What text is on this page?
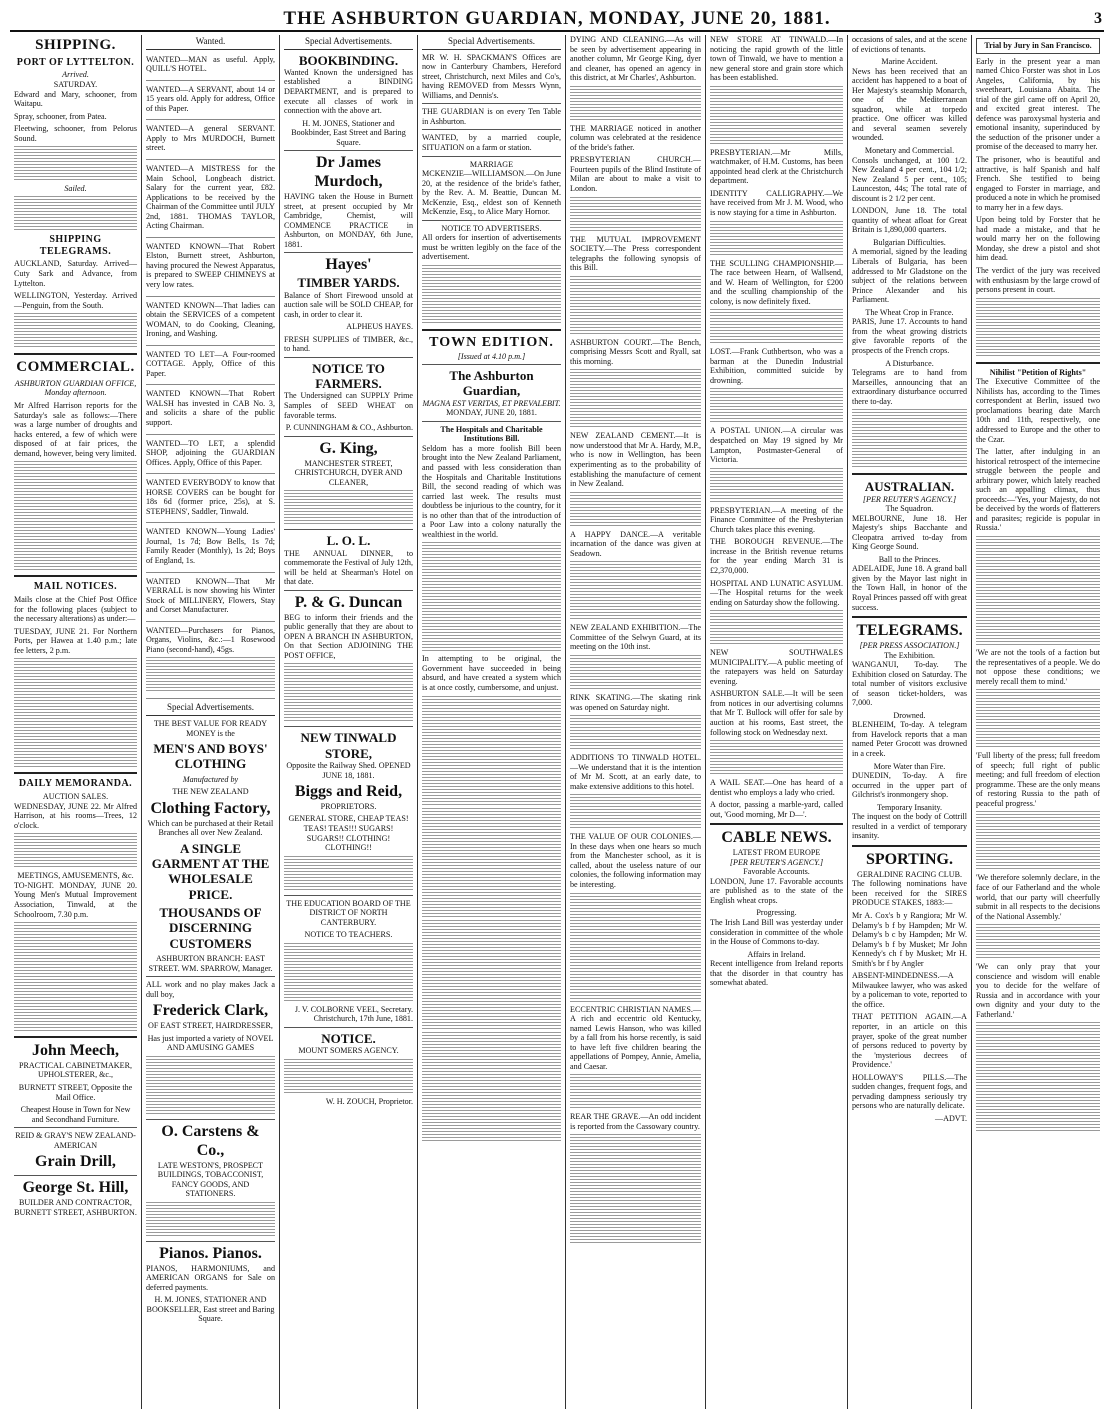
THE ASHBURTON GUARDIAN, MONDAY, JUNE 20, 1881.	3
SHIPPING.
PORT OF LYTTELTON.
Arrived.
SATURDAY.

Edward and Mary, schooner, from Waitapu.

Spray, schooner, from Patea.

Fleetwing, schooner, from Pelorus Sound.

Sailed.
SHIPPING TELEGRAMS.

AUCKLAND, Saturday. Arrived—Cuty Sark and Advance, from Lyttelton.

WELLINGTON, Yesterday. Arrived—Penguin, from the South.

COMMERCIAL.

ASHBURTON GUARDIAN OFFICE, Monday afternoon.

Mr Alfred Harrison reports for the Saturday's sale as follows:—There was a large number of droughts and hacks entered, a few of which were disposed of at fair prices, the demand, however, being very limited.

MAIL NOTICES.

Mails close at the Chief Post Office for the following places (subject to the necessary alterations) as under:—

TUESDAY, JUNE 21. For Northern Ports, per Hawea at 1.40 p.m.; late fee letters, 2 p.m.

DAILY MEMORANDA.
AUCTION SALES.

WEDNESDAY, JUNE 22. Mr Alfred Harrison, at his rooms—Trees, 12 o'clock.

MEETINGS, AMUSEMENTS, &c.

TO-NIGHT. MONDAY, JUNE 20. Young Men's Mutual Improvement Association, Tinwald, at the Schoolroom, 7.30 p.m.

John Meech,

PRACTICAL CABINETMAKER, UPHOLSTERER, &c.,

BURNETT STREET, Opposite the Mail Office.

Cheapest House in Town for New and Secondhand Furniture.

REID & GRAY'S NEW ZEALAND-AMERICAN

Grain Drill,
George St. Hill,

BUILDER AND CONTRACTOR, BURNETT STREET, ASHBURTON.

Wanted.

WANTED—MAN as useful. Apply, QUILL'S HOTEL.

WANTED—A SERVANT, about 14 or 15 years old. Apply for address, Office of this Paper.

WANTED—A general SERVANT. Apply to Mrs MURDOCH, Burnett street.

WANTED—A MISTRESS for the Main School, Longbeach district. Salary for the current year, £82. Applications to be received by the Chairman of the Committee until JULY 2nd, 1881. THOMAS TAYLOR, Acting Chairman.

WANTED KNOWN—That Robert Elston, Burnett street, Ashburton, having procured the Newest Apparatus, is prepared to SWEEP CHIMNEYS at very low rates.

WANTED KNOWN—That ladies can obtain the SERVICES of a competent WOMAN, to do Cooking, Cleaning, Ironing, and Washing.

WANTED TO LET—A Four-roomed COTTAGE. Apply, Office of this Paper.

WANTED KNOWN—That Robert WALSH has invested in CAB No. 3, and solicits a share of the public support.

WANTED—TO LET, a splendid SHOP, adjoining the GUARDIAN Offices. Apply, Office of this Paper.

WANTED EVERYBODY to know that HORSE COVERS can be bought for 18s 6d (former price, 25s), at S. STEPHENS', Saddler, Tinwald.

WANTED KNOWN—Young Ladies' Journal, 1s 7d; Bow Bells, 1s 7d; Family Reader (Monthly), 1s 2d; Boys of England, 1s.

WANTED KNOWN—That Mr VERRALL is now showing his Winter Stock of MILLINERY, Flowers, Stay and Corset Manufacturer.

WANTED—Purchasers for Pianos, Organs, Violins, &c.:—1 Rosewood Piano (second-hand), 45gs.

Special Advertisements.

THE BEST VALUE FOR READY MONEY is the

MEN'S AND BOYS' CLOTHING

Manufactured by

THE NEW ZEALAND

Clothing Factory,

Which can be purchased at their Retail Branches all over New Zealand.

A SINGLE GARMENT AT THE WHOLESALE PRICE.

THOUSANDS OF DISCERNING CUSTOMERS

ASHBURTON BRANCH: EAST STREET. WM. SPARROW, Manager.

ALL work and no play makes Jack a dull boy,

Frederick Clark,

OF EAST STREET, HAIRDRESSER,

Has just imported a variety of NOVEL AND AMUSING GAMES

O. Carstens & Co.,

LATE WESTON'S, PROSPECT BUILDINGS, TOBACCONIST, FANCY GOODS, AND STATIONERS.

Pianos. Pianos.

PIANOS, HARMONIUMS, and AMERICAN ORGANS for Sale on deferred payments.

H. M. JONES, STATIONER AND BOOKSELLER, East street and Baring Square.

Special Advertisements.
BOOKBINDING.

Wanted Known the undersigned has established a BINDING DEPARTMENT, and is prepared to execute all classes of work in connection with the above art.

H. M. JONES, Stationer and Bookbinder, East Street and Baring Square.

Dr James Murdoch,

HAVING taken the House in Burnett street, at present occupied by Mr Cambridge, Chemist, will COMMENCE PRACTICE in Ashburton, on MONDAY, 6th June, 1881.

Hayes'
TIMBER YARDS.

Balance of Short Firewood unsold at auction sale will be SOLD CHEAP, for cash, in order to clear it.

ALPHEUS HAYES.

FRESH SUPPLIES of TIMBER, &c., to hand.

NOTICE TO FARMERS.

The Undersigned can SUPPLY Prime Samples of SEED WHEAT on favorable terms.

P. CUNNINGHAM & CO., Ashburton.

G. King,

MANCHESTER STREET, CHRISTCHURCH, DYER AND CLEANER,

L. O. L.

THE ANNUAL DINNER, to commemorate the Festival of July 12th, will be held at Shearman's Hotel on that date.

P. & G. Duncan

BEG to inform their friends and the public generally that they are about to OPEN A BRANCH IN ASHBURTON, On that Section ADJOINING THE POST OFFICE,

NEW TINWALD STORE,

Opposite the Railway Shed. OPENED JUNE 18, 1881.

Biggs and Reid,

PROPRIETORS.

GENERAL STORE, CHEAP TEAS! TEAS! TEAS!!! SUGARS! SUGARS!! CLOTHING! CLOTHING!!

THE EDUCATION BOARD OF THE DISTRICT OF NORTH CANTERBURY.

NOTICE TO TEACHERS.

J. V. COLBORNE VEEL, Secretary. Christchurch, 17th June, 1881.

NOTICE.

MOUNT SOMERS AGENCY.

W. H. ZOUCH, Proprietor.

Special Advertisements.

MR W. H. SPACKMAN'S Offices are now in Canterbury Chambers, Hereford street, Christchurch, next Miles and Co's, having REMOVED from Messrs Wynn, Williams, and Dennis's.

THE GUARDIAN is on every Ten Table in Ashburton.

WANTED, by a married couple, SITUATION on a farm or station.

MARRIAGE

MCKENZIE—WILLIAMSON.—On June 20, at the residence of the bride's father, by the Rev. A. M. Beattie, Duncan M. McKenzie, Esq., eldest son of Kenneth McKenzie, Esq., to Alice Mary Hornor.

NOTICE TO ADVERTISERS.

All orders for insertion of advertisements must be written legibly on the face of the advertisement.

TOWN EDITION.
[Issued at 4.10 p.m.]
The Ashburton Guardian,
MAGNA EST VERITAS, ET PREVALEBIT.
MONDAY, JUNE 20, 1881.
The Hospitals and Charitable Institutions Bill.

Seldom has a more foolish Bill been brought into the New Zealand Parliament, and passed with less consideration than the Hospitals and Charitable Institutions Bill, the second reading of which was carried last week. The results must doubtless be injurious to the country, for it is no other than that of the introduction of a Poor Law into a colony naturally the wealthiest in the world.

In attempting to be original, the Government have succeeded in being absurd, and have created a system which is at once costly, cumbersome, and unjust.

DYING AND CLEANING.—As will be seen by advertisement appearing in another column, Mr George King, dyer and cleaner, has opened an agency in this district, at Mr Charles', Ashburton.

THE MARRIAGE noticed in another column was celebrated at the residence of the bride's father.

PRESBYTERIAN CHURCH.—Fourteen pupils of the Blind Institute of Milan are about to make a visit to London.

THE MUTUAL IMPROVEMENT SOCIETY.—The Press correspondent telegraphs the following synopsis of this Bill.

ASHBURTON COURT.—The Bench, comprising Messrs Scott and Ryall, sat this morning.

NEW ZEALAND CEMENT.—It is now understood that Mr A. Hardy, M.P., who is now in Wellington, has been experimenting as to the probability of establishing the manufacture of cement in New Zealand.

A HAPPY DANCE.—A veritable incarnation of the dance was given at Seadown.

NEW ZEALAND EXHIBITION.—The Committee of the Selwyn Guard, at its meeting on the 10th inst.

RINK SKATING.—The skating rink was opened on Saturday night.

ADDITIONS TO TINWALD HOTEL.—We understand that it is the intention of Mr M. Scott, at an early date, to make extensive additions to this hotel.

THE VALUE OF OUR COLONIES.—In these days when one hears so much from the Manchester school, as it is called, about the useless nature of our colonies, the following information may be interesting.

ECCENTRIC CHRISTIAN NAMES.—A rich and eccentric old Kentucky, named Lewis Hanson, who was killed by a fall from his horse recently, is said to have left five children bearing the appellations of Pompey, Annie, Amelia, and Caesar.

REAR THE GRAVE.—An odd incident is reported from the Cassowary country.

NEW STORE AT TINWALD.—In noticing the rapid growth of the little town of Tinwald, we have to mention a new general store and grain store which has been established.

PRESBYTERIAN.—Mr Mills, watchmaker, of H.M. Customs, has been appointed head clerk at the Christchurch department.

IDENTITY CALLIGRAPHY.—We have received from Mr J. M. Wood, who is now staying for a time in Ashburton.

THE SCULLING CHAMPIONSHIP.—The race between Hearn, of Wallsend, and W. Hearn of Wellington, for £200 and the sculling championship of the colony, is now definitely fixed.

LOST.—Frank Cuthbertson, who was a barman at the Dunedin Industrial Exhibition, committed suicide by drowning.

A POSTAL UNION.—A circular was despatched on May 19 signed by Mr Lampton, Postmaster-General of Victoria.

PRESBYTERIAN.—A meeting of the Finance Committee of the Presbyterian Church takes place this evening.

THE BOROUGH REVENUE.—The increase in the British revenue returns for the year ending March 31 is £2,370,000.

HOSPITAL AND LUNATIC ASYLUM.—The Hospital returns for the week ending on Saturday show the following.

NEW SOUTHWALES MUNICIPALITY.—A public meeting of the ratepayers was held on Saturday evening.

ASHBURTON SALE.—It will be seen from notices in our advertising columns that Mr T. Bullock will offer for sale by auction at his rooms, East street, the following stock on Wednesday next.

A WAIL SEAT.—One has heard of a dentist who employs a lady who cried.

A doctor, passing a marble-yard, called out, 'Good morning, Mr D—'.

CABLE NEWS.
LATEST FROM EUROPE
[PER REUTER'S AGENCY.]
Favorable Accounts.

LONDON, June 17. Favorable accounts are published as to the state of the English wheat crops.

Progressing.

The Irish Land Bill was yesterday under consideration in committee of the whole in the House of Commons to-day.

Affairs in Ireland.

Recent intelligence from Ireland reports that the disorder in that country has somewhat abated.

occasions of sales, and at the scene of evictions of tenants.

Marine Accident.

News has been received that an accident has happened to a boat of Her Majesty's steamship Monarch, one of the Mediterranean squadron, while at torpedo practice. One officer was killed and several seamen severely wounded.

Monetary and Commercial.

Consols unchanged, at 100 1/2. New Zealand 4 per cent., 104 1/2; New Zealand 5 per cent., 105; Launceston, 44s; The total rate of discount is 2 1/2 per cent.

LONDON, June 18. The total quantity of wheat afloat for Great Britain is 1,890,000 quarters.

Bulgarian Difficulties.

A memorial, signed by the leading Liberals of Bulgaria, has been addressed to Mr Gladstone on the subject of the relations between Prince Alexander and his Parliament.

The Wheat Crop in France.

PARIS, June 17. Accounts to hand from the wheat growing districts give favorable reports of the prospects of the French crops.

A Disturbance.

Telegrams are to hand from Marseilles, announcing that an extraordinary disturbance occurred there to-day.

AUSTRALIAN.
[PER REUTER'S AGENCY.]
The Squadron.

MELBOURNE, June 18. Her Majesty's ships Bacchante and Cleopatra arrived to-day from King George Sound.

Ball to the Princes.

ADELAIDE, June 18. A grand ball given by the Mayor last night in the Town Hall, in honor of the Royal Princes passed off with great success.

TELEGRAMS.
[PER PRESS ASSOCIATION.]
The Exhibition.

WANGANUI, To-day. The Exhibition closed on Saturday. The total number of visitors exclusive of season ticket-holders, was 7,000.

Drowned.

BLENHEIM, To-day. A telegram from Havelock reports that a man named Peter Grocott was drowned in a creek.

More Water than Fire.

DUNEDIN, To-day. A fire occurred in the upper part of Gilchrist's ironmongery shop.

Temporary Insanity.

The inquest on the body of Cottrill resulted in a verdict of temporary insanity.

SPORTING.
GERALDINE RACING CLUB.

The following nominations have been received for the SIRES PRODUCE STAKES, 1883:—

Mr A. Cox's b y Rangiora; Mr W. Delamy's b f by Hampden; Mr W. Delamy's b c by Hampden; Mr W. Delamy's b f by Musket; Mr John Kennedy's ch f by Musket; Mr H. Smith's br f by Angler

ABSENT-MINDEDNESS.—A Milwaukee lawyer, who was asked by a policeman to vote, reported to the office.

THAT PETITION AGAIN.—A reporter, in an article on this prayer, spoke of the great number of persons reduced to poverty by the 'mysterious decrees of Providence.'

HOLLOWAY'S PILLS.—The sudden changes, frequent fogs, and pervading dampness seriously try persons who are naturally delicate.

—ADVT.

Trial by Jury in San Francisco.

Early in the present year a man named Chico Forster was shot in Los Angeles, California, by his sweetheart, Louisiana Abaita. The trial of the girl came off on April 20, and excited great interest. The defence was paroxysmal hysteria and emotional insanity, superinduced by the seduction of the prisoner under a promise of the deceased to marry her.

The prisoner, who is beautiful and attractive, is half Spanish and half French. She testified to being engaged to Forster in marriage, and produced a note in which he promised to marry her in a few days.

Upon being told by Forster that he had made a mistake, and that he would marry her on the following Monday, she drew a pistol and shot him dead.

The verdict of the jury was received with enthusiasm by the large crowd of persons present in court.

Nihilist "Petition of Rights"

The Executive Committee of the Nihilists has, according to the Times correspondent at Berlin, issued two proclamations bearing date March 10th and 11th, respectively, one addressed to Europe and the other to the Czar.

The latter, after indulging in an historical retrospect of the internecine struggle between the people and arbitrary power, which lately reached such an appalling climax, thus proceeds:—'Yes, your Majesty, do not be deceived by the words of flatterers and parasites; regicide is popular in Russia.'

'We are not the tools of a faction but the representatives of a people. We do not oppose these conditions; we merely recall them to mind.'

'Full liberty of the press; full freedom of speech; full right of public meeting; and full freedom of election programme. These are the only means of restoring Russia to the path of peaceful progress.'

'We therefore solemnly declare, in the face of our Fatherland and the whole world, that our party will cheerfully submit in all respects to the decisions of the National Assembly.'

'We can only pray that your conscience and wisdom will enable you to decide for the welfare of Russia and in accordance with your own dignity and your duty to the Fatherland.'
